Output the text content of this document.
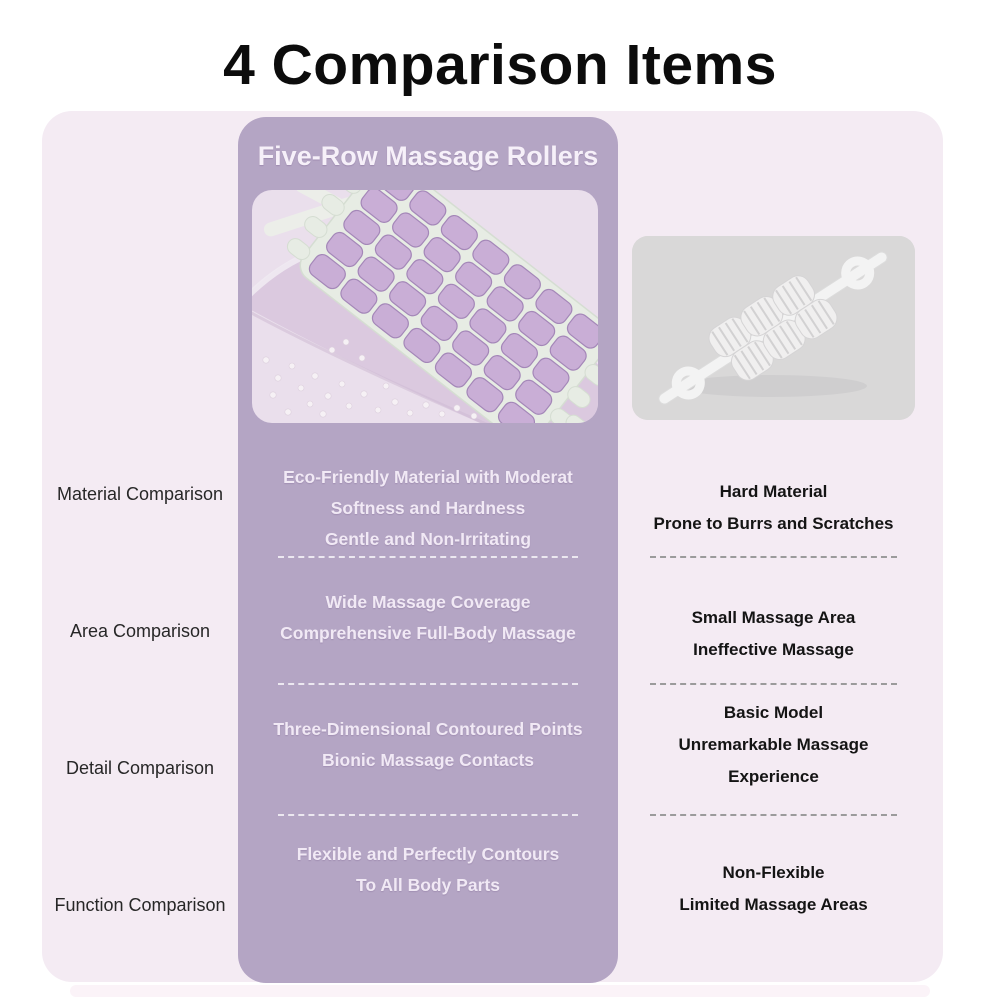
4 Comparison Items
Five-Row Massage Rollers
Material Comparison
Area Comparison
Detail Comparison
Function Comparison
Eco-Friendly Material with Moderat
Softness and Hardness
Gentle and Non-Irritating
Wide Massage Coverage
Comprehensive Full-Body Massage
Three-Dimensional Contoured Points
Bionic Massage Contacts
Flexible and Perfectly Contours
To All Body Parts
Hard Material
Prone to Burrs and Scratches
Small Massage Area
Ineffective Massage
Basic Model
Unremarkable Massage
Experience
Non-Flexible
Limited Massage Areas
